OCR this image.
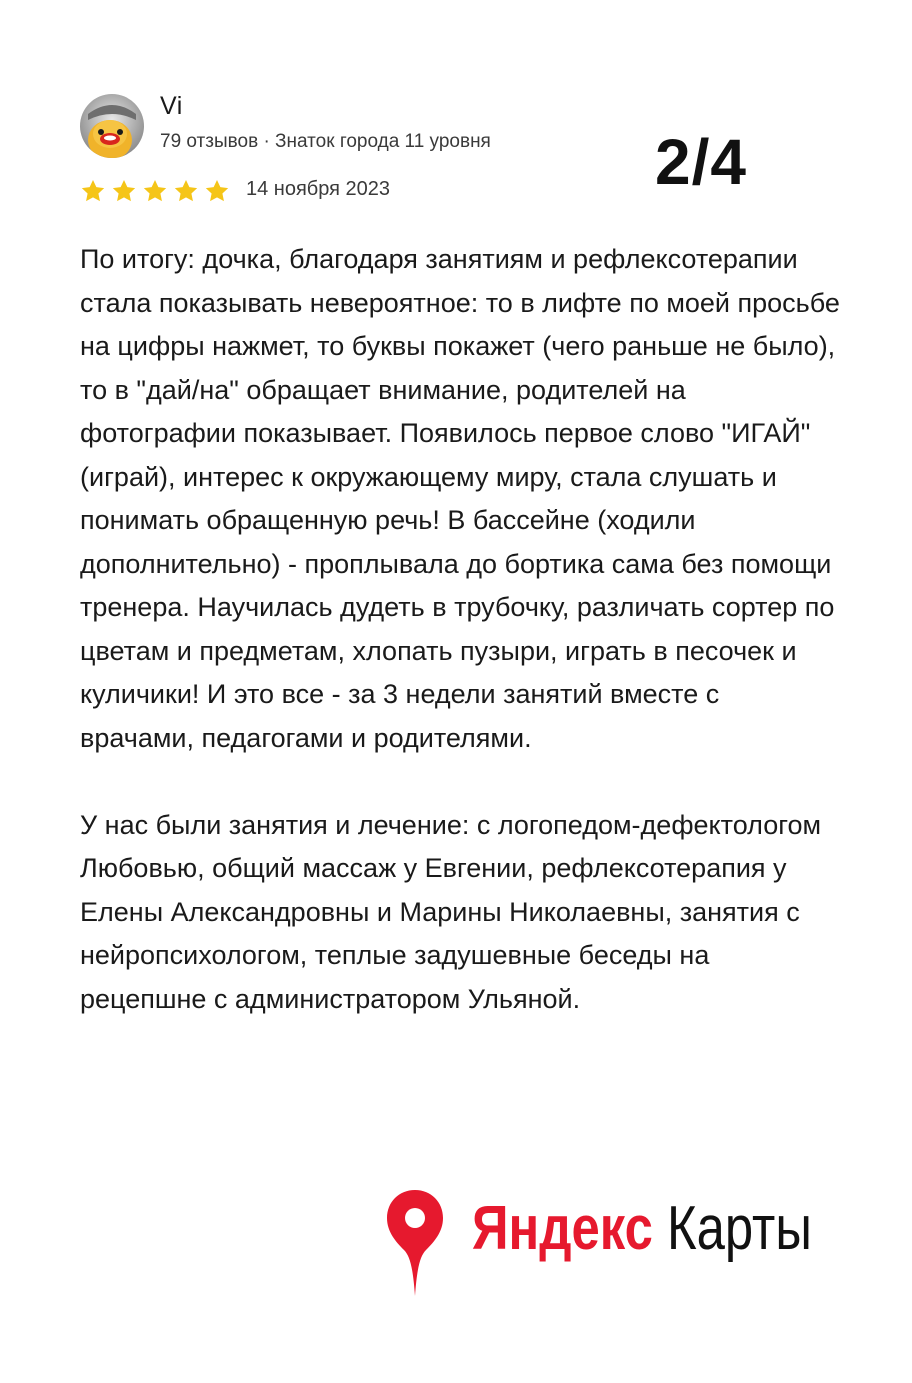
Vi
79 отзывов · Знаток города 11 уровня	2/4
14 ноября 2023

По итогу: дочка, благодаря занятиям и рефлексотерапии стала показывать невероятное: то в лифте по моей просьбе на цифры нажмет, то буквы покажет (чего раньше не было), то в "дай/на" обращает внимание, родителей на фотографии показывает. Появилось первое слово "ИГАЙ" (играй), интерес к окружающему миру, стала слушать и понимать обращенную речь! В бассейне (ходили дополнительно) - проплывала до бортика сама без помощи тренера. Научилась дудеть в трубочку, различать сортер по цветам и предметам, хлопать пузыри, играть в песочек и куличики! И это все - за 3 недели занятий вместе с врачами, педагогами и родителями.

У нас были занятия и лечение: с логопедом-дефектологом Любовью, общий массаж у Евгении, рефлексотерапия у Елены Александровны и Марины Николаевны, занятия с нейропсихологом, теплые задушевные беседы на рецепшне с администратором Ульяной.

Яндекс Карты
